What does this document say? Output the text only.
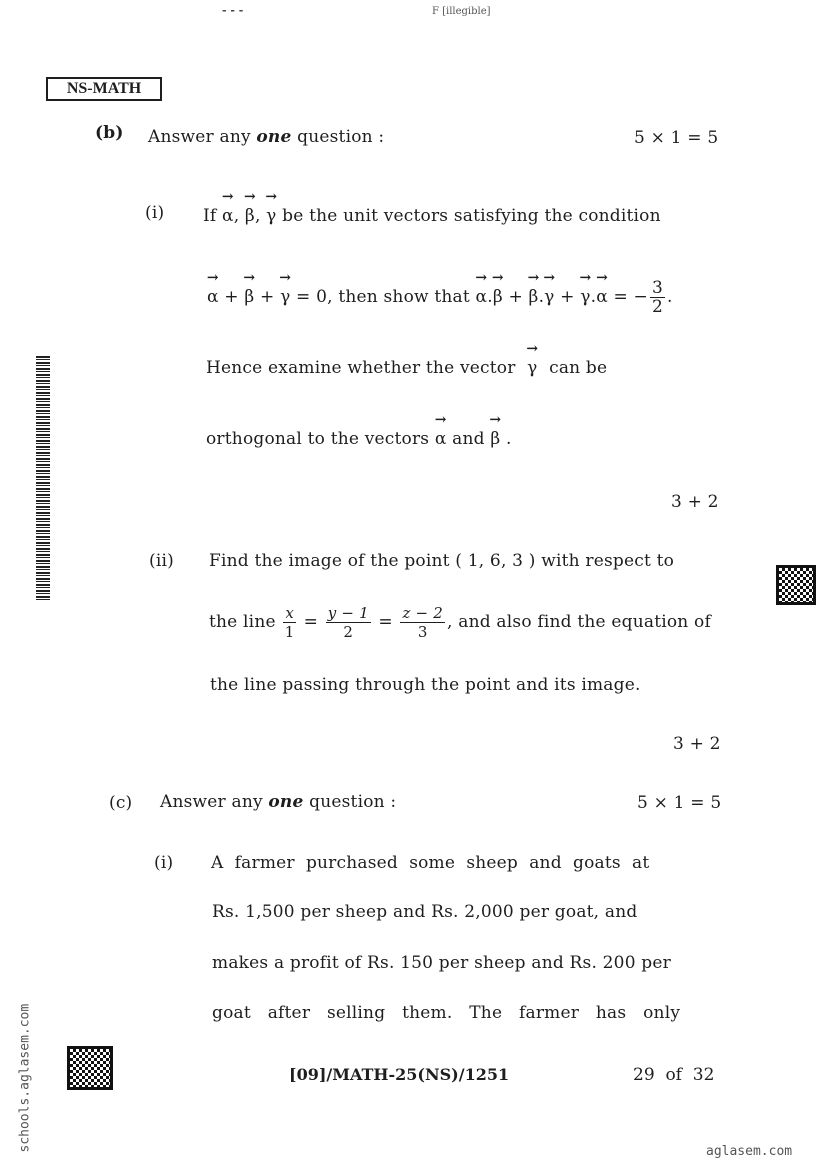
- - -	F [illegible]
NS-MATH
schools.aglasem.com
(b) Answer any one question :	5 × 1 = 5
(i) If → α, → β, → γ be the unit vectors satisfying the condition
→ α + → β + → γ = 0, then show that → α.→ β + → β.→ γ + → γ.→ α = − $\frac{3}{2}$ .
Hence examine whether the vector → γ can be
orthogonal to the vectors → α and → β .
3 + 2
(ii) Find the image of the point ( 1, 6, 3 ) with respect to
the line $\frac{x}{1} = \frac{y - 1}{2} = \frac{z - 2}{3}$ , and also find the equation of
the line passing through the point and its image.
3 + 2
(c) Answer any one question :	5 × 1 = 5
(i) A  farmer  purchased  some  sheep  and  goats  at
Rs. 1,500 per sheep and Rs. 2,000 per goat, and
makes a profit of Rs. 150 per sheep and Rs. 200 per
goat   after   selling   them.   The   farmer   has   only
[09]/MATH-25(NS)/1251	29  of  32
aglasem.com
